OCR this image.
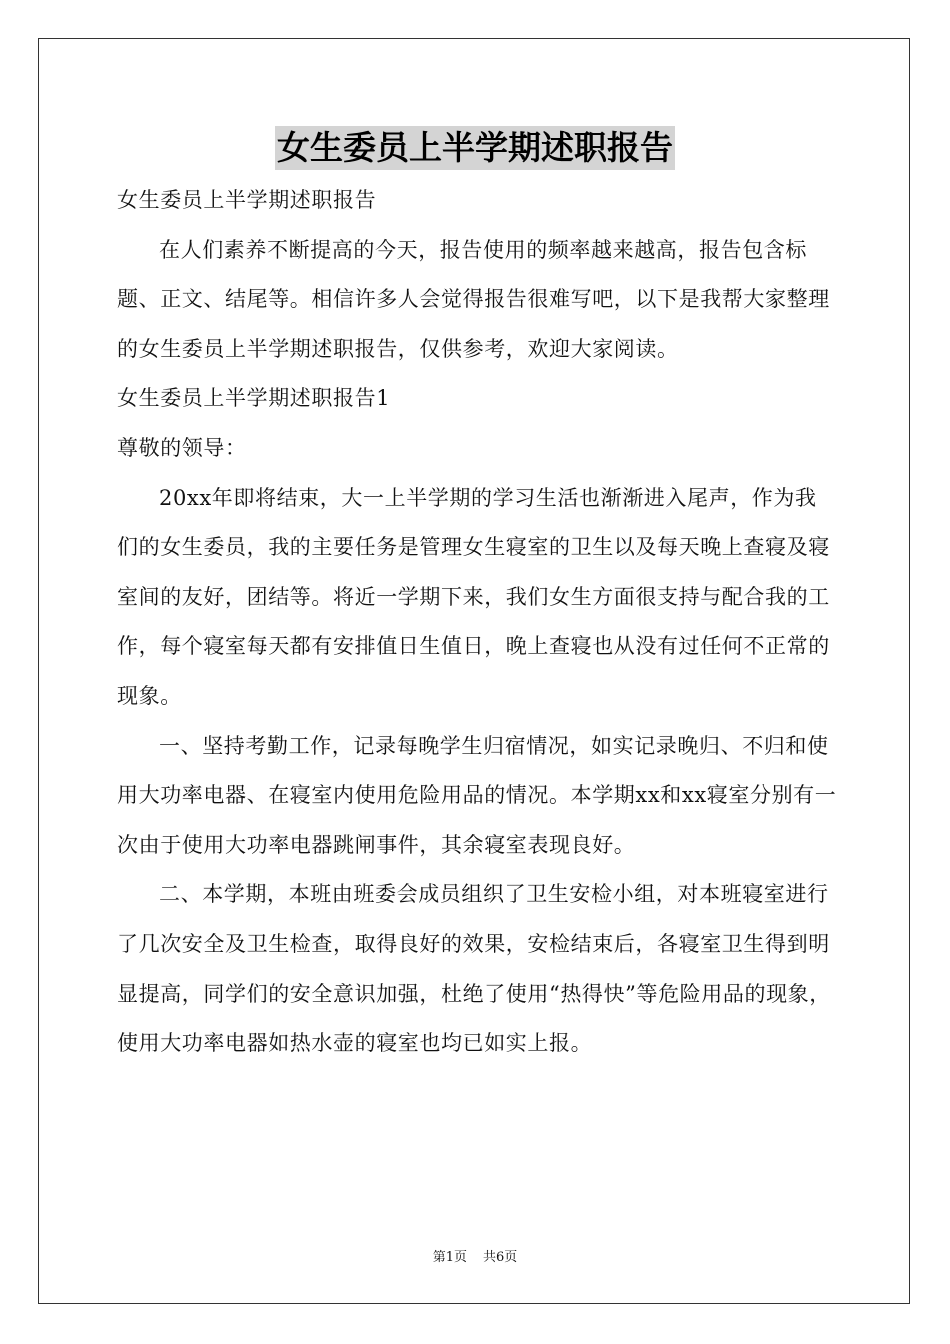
女生委员上半学期述职报告

女生委员上半学期述职报告

在人们素养不断提高的今天，报告使用的频率越来越高，报告包含标题、正文、结尾等。相信许多人会觉得报告很难写吧，以下是我帮大家整理的女生委员上半学期述职报告，仅供参考，欢迎大家阅读。

女生委员上半学期述职报告1

尊敬的领导：

20xx年即将结束，大一上半学期的学习生活也渐渐进入尾声，作为我们的女生委员，我的主要任务是管理女生寝室的卫生以及每天晚上查寝及寝室间的友好，团结等。将近一学期下来，我们女生方面很支持与配合我的工作，每个寝室每天都有安排值日生值日，晚上查寝也从没有过任何不正常的现象。

一、坚持考勤工作，记录每晚学生归宿情况，如实记录晚归、不归和使用大功率电器、在寝室内使用危险用品的情况。本学期xx和xx寝室分别有一次由于使用大功率电器跳闸事件，其余寝室表现良好。

二、本学期，本班由班委会成员组织了卫生安检小组，对本班寝室进行了几次安全及卫生检查，取得良好的效果，安检结束后，各寝室卫生得到明显提高，同学们的安全意识加强，杜绝了使用“热得快”等危险用品的现象，使用大功率电器如热水壶的寝室也均已如实上报。

第1页 共6页
